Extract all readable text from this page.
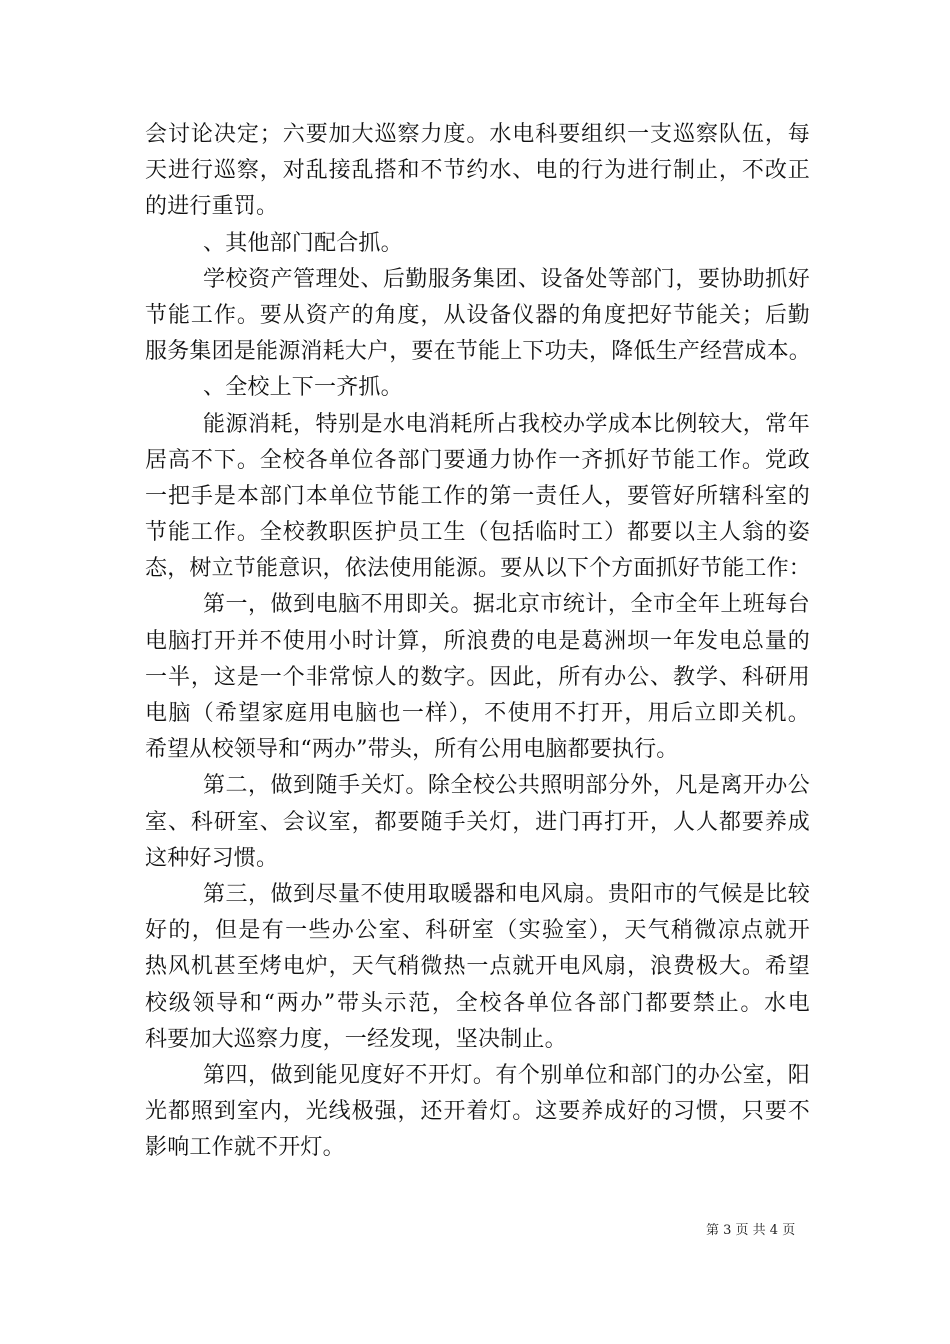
会讨论决定；六要加大巡察力度。水电科要组织一支巡察队伍，每
天进行巡察，对乱接乱搭和不节约水、电的行为进行制止，不改正
的进行重罚。
、其他部门配合抓。
学校资产管理处、后勤服务集团、设备处等部门，要协助抓好
节能工作。要从资产的角度，从设备仪器的角度把好节能关；后勤
服务集团是能源消耗大户，要在节能上下功夫，降低生产经营成本。
、全校上下一齐抓。
能源消耗，特别是水电消耗所占我校办学成本比例较大，常年
居高不下。全校各单位各部门要通力协作一齐抓好节能工作。党政
一把手是本部门本单位节能工作的第一责任人，要管好所辖科室的
节能工作。全校教职医护员工生（包括临时工）都要以主人翁的姿
态，树立节能意识，依法使用能源。要从以下个方面抓好节能工作：
第一，做到电脑不用即关。据北京市统计，全市全年上班每台
电脑打开并不使用小时计算，所浪费的电是葛洲坝一年发电总量的
一半，这是一个非常惊人的数字。因此，所有办公、教学、科研用
电脑（希望家庭用电脑也一样），不使用不打开，用后立即关机。
希望从校领导和“两办”带头，所有公用电脑都要执行。
第二，做到随手关灯。除全校公共照明部分外，凡是离开办公
室、科研室、会议室，都要随手关灯，进门再打开，人人都要养成
这种好习惯。
第三，做到尽量不使用取暖器和电风扇。贵阳市的气候是比较
好的，但是有一些办公室、科研室（实验室），天气稍微凉点就开
热风机甚至烤电炉，天气稍微热一点就开电风扇，浪费极大。希望
校级领导和“两办”带头示范，全校各单位各部门都要禁止。水电
科要加大巡察力度，一经发现，坚决制止。
第四，做到能见度好不开灯。有个别单位和部门的办公室，阳
光都照到室内，光线极强，还开着灯。这要养成好的习惯，只要不
影响工作就不开灯。
第 3 页 共 4 页
